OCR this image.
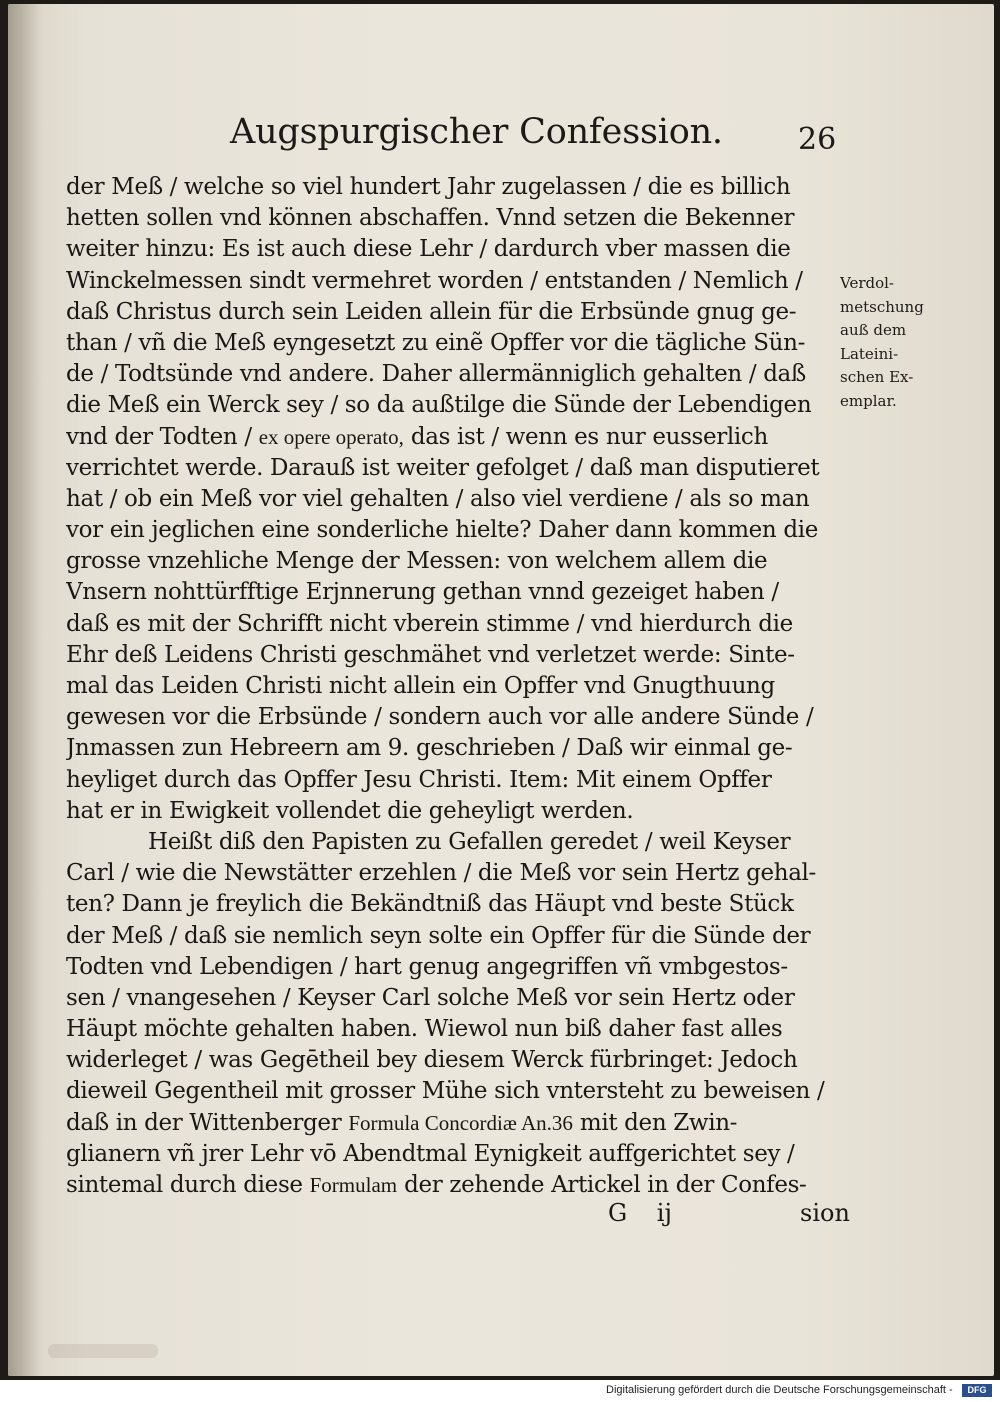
Augspurgischer Confession.	26
der Meß / welche so viel hundert Jahr zugelassen / die es billich
hetten sollen vnd können abschaffen. Vnnd setzen die Bekenner
weiter hinzu: Es ist auch diese Lehr / dardurch vber massen die
Winckelmessen sindt vermehret worden / entstanden / Nemlich /
daß Christus durch sein Leiden allein für die Erbsünde gnug ge-
than / vñ die Meß eyngesetzt zu einẽ Opffer vor die tägliche Sün-
de / Todtsünde vnd andere. Daher allermänniglich gehalten / daß
die Meß ein Werck sey / so da außtilge die Sünde der Lebendigen
vnd der Todten / ex opere operato, das ist / wenn es nur eusserlich
verrichtet werde. Darauß ist weiter gefolget / daß man disputieret
hat / ob ein Meß vor viel gehalten / also viel verdiene / als so man
vor ein jeglichen eine sonderliche hielte? Daher dann kommen die
grosse vnzehliche Menge der Messen: von welchem allem die
Vnsern nohttürfftige Erjnnerung gethan vnnd gezeiget haben /
daß es mit der Schrifft nicht vberein stimme / vnd hierdurch die
Ehr deß Leidens Christi geschmähet vnd verletzet werde: Sinte-
mal das Leiden Christi nicht allein ein Opffer vnd Gnugthuung
gewesen vor die Erbsünde / sondern auch vor alle andere Sünde /
Jnmassen zun Hebreern am 9. geschrieben / Daß wir einmal ge-
heyliget durch das Opffer Jesu Christi. Item: Mit einem Opffer
hat er in Ewigkeit vollendet die geheyligt werden.
Heißt diß den Papisten zu Gefallen geredet / weil Keyser
Carl / wie die Newstätter erzehlen / die Meß vor sein Hertz gehal-
ten? Dann je freylich die Bekändtniß das Häupt vnd beste Stück
der Meß / daß sie nemlich seyn solte ein Opffer für die Sünde der
Todten vnd Lebendigen / hart genug angegriffen vñ vmbgestos-
sen / vnangesehen / Keyser Carl solche Meß vor sein Hertz oder
Häupt möchte gehalten haben. Wiewol nun biß daher fast alles
widerleget / was Gegētheil bey diesem Werck fürbringet: Jedoch
dieweil Gegentheil mit grosser Mühe sich vntersteht zu beweisen /
daß in der Wittenberger Formula Concordiæ An.36 mit den Zwin-
glianern vñ jrer Lehr vō Abendtmal Eynigkeit auffgerichtet sey /
sintemal durch diese Formulam der zehende Artickel in der Confes-
Verdol-
metschung
auß dem
Lateini-
schen Ex-
emplar.
G ij	sion
Digitalisierung gefördert durch die Deutsche Forschungsgemeinschaft -	DFG
